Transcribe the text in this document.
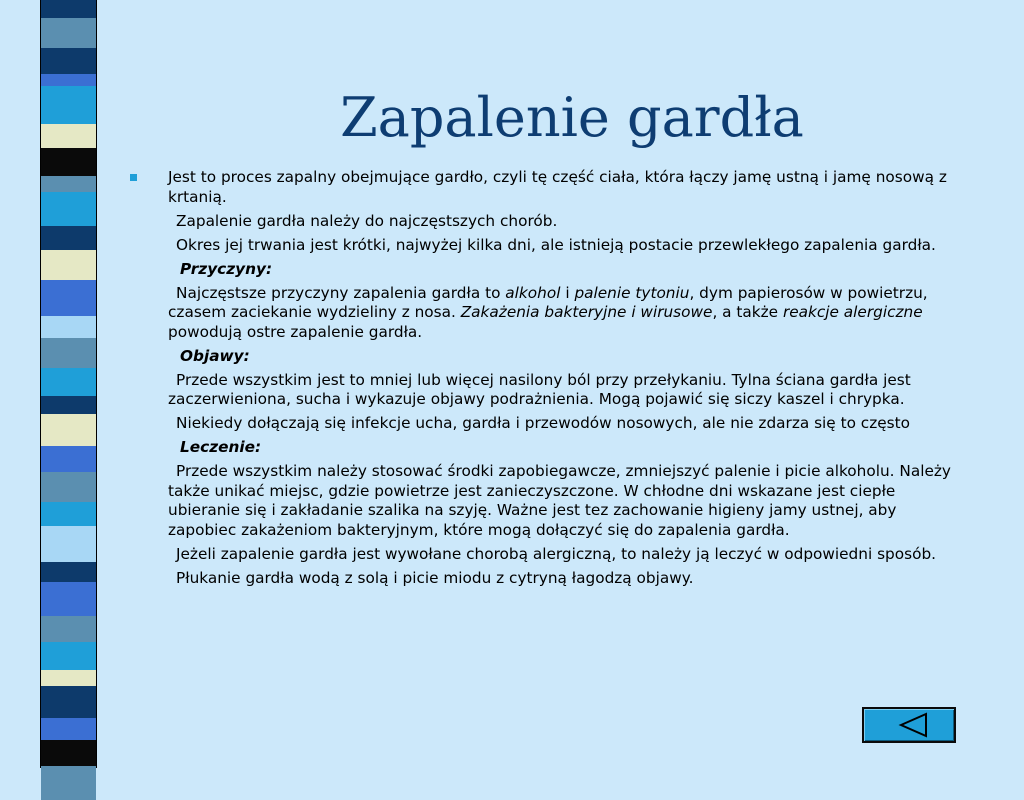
Zapalenie gardła

Jest to proces zapalny obejmujące gardło, czyli tę część ciała, która łączy jamę ustną i jamę nosową z krtanią.

Zapalenie gardła należy do najczęstszych chorób.

Okres jej trwania jest krótki, najwyżej kilka dni, ale istnieją postacie przewlekłego zapalenia gardła.

Przyczyny:

Najczęstsze przyczyny zapalenia gardła to alkohol i palenie tytoniu, dym papierosów w powietrzu, czasem zaciekanie wydzieliny z nosa. Zakażenia bakteryjne i wirusowe, a także reakcje alergiczne powodują ostre zapalenie gardła.

Objawy:

Przede wszystkim jest to mniej lub więcej nasilony ból przy przełykaniu. Tylna ściana gardła jest zaczerwieniona, sucha i wykazuje objawy podrażnienia. Mogą pojawić się siczy kaszel i chrypka.

Niekiedy dołączają się infekcje ucha, gardła i przewodów nosowych, ale nie zdarza się to często

Leczenie:

Przede wszystkim należy stosować środki zapobiegawcze, zmniejszyć palenie i picie alkoholu. Należy także unikać miejsc, gdzie powietrze jest zanieczyszczone. W chłodne dni wskazane jest ciepłe ubieranie się i zakładanie szalika na szyję. Ważne jest tez zachowanie higieny jamy ustnej, aby zapobiec zakażeniom bakteryjnym, które mogą dołączyć się do zapalenia gardła.

Jeżeli zapalenie gardła jest wywołane chorobą alergiczną, to należy ją leczyć w odpowiedni sposób.

Płukanie gardła wodą z solą i picie miodu z cytryną łagodzą objawy.
